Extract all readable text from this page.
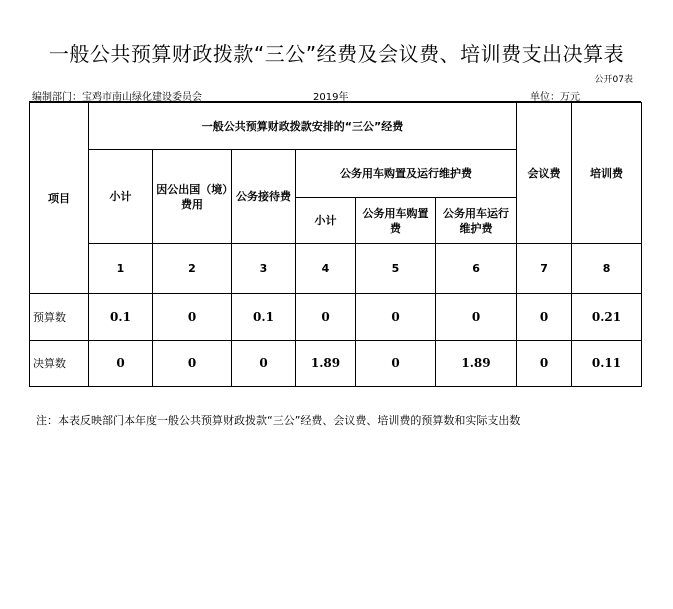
一般公共预算财政拨款“三公”经费及会议费、培训费支出决算表
公开07表
编制部门：宝鸡市南山绿化建设委员会	2019年	单位：万元
项目	一般公共预算财政拨款安排的“三公”经费						会议费	培训费
	小计	因公出国（境）费用	公务接待费	公务用车购置及运行维护费				
				小计	公务用车购置费	公务用车运行维护费		
	1	2	3	4	5	6	7	8
预算数	0.1	0	0.1	0	0	0	0	0.21
决算数	0	0	0	1.89	0	1.89	0	0.11
注：本表反映部门本年度一般公共预算财政拨款“三公”经费、会议费、培训费的预算数和实际支出数
